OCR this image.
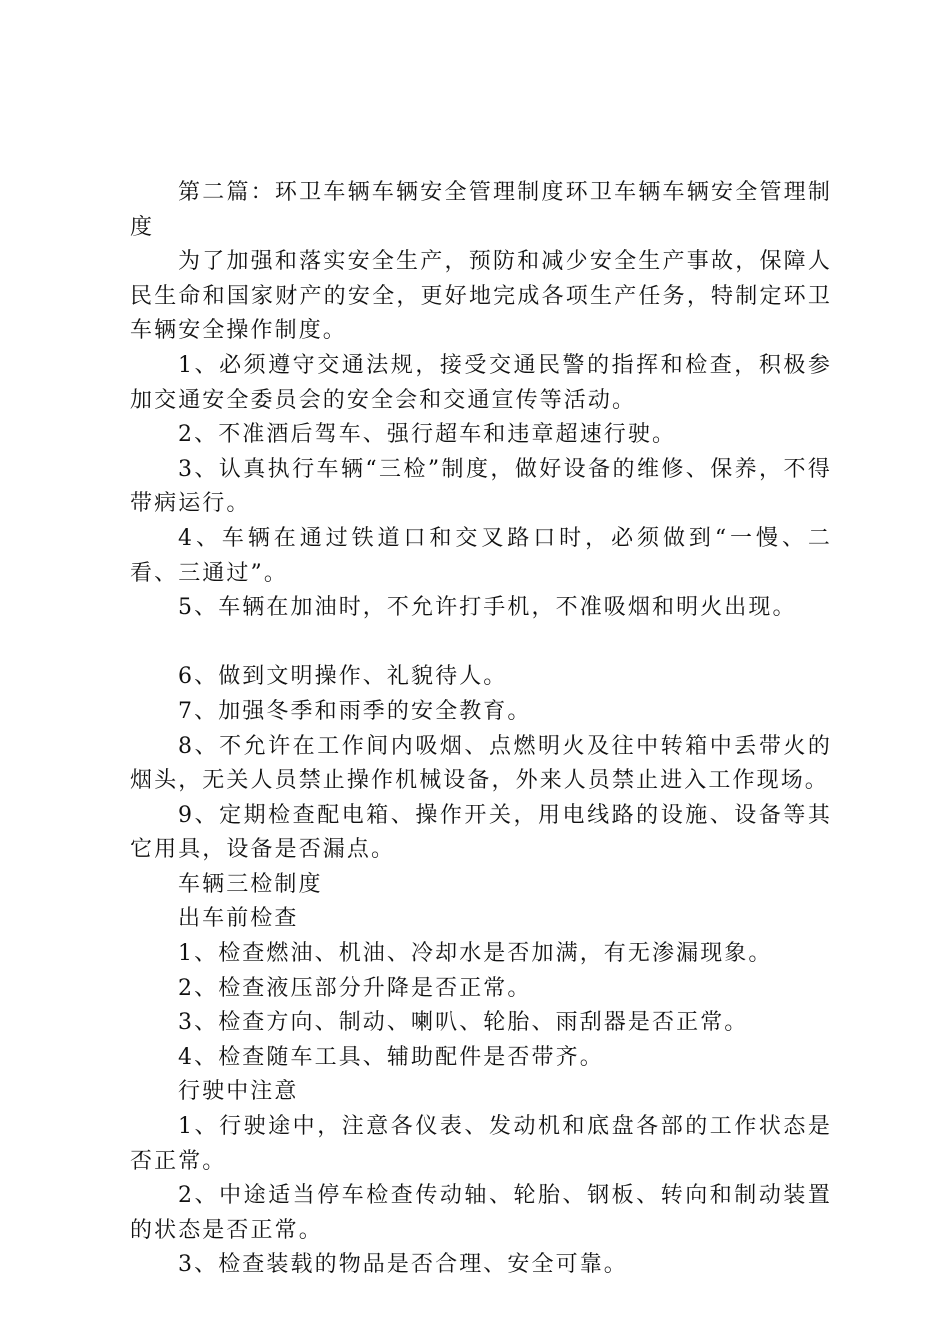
第二篇：环卫车辆车辆安全管理制度环卫车辆车辆安全管理制度

为了加强和落实安全生产，预防和减少安全生产事故，保障人民生命和国家财产的安全，更好地完成各项生产任务，特制定环卫车辆安全操作制度。

1、必须遵守交通法规，接受交通民警的指挥和检查，积极参加交通安全委员会的安全会和交通宣传等活动。

2、不准酒后驾车、强行超车和违章超速行驶。

3、认真执行车辆“三检”制度，做好设备的维修、保养，不得带病运行。

4、车辆在通过铁道口和交叉路口时，必须做到“一慢、二看、三通过”。

5、车辆在加油时，不允许打手机，不准吸烟和明火出现。

6、做到文明操作、礼貌待人。

7、加强冬季和雨季的安全教育。

8、不允许在工作间内吸烟、点燃明火及往中转箱中丢带火的烟头，无关人员禁止操作机械设备，外来人员禁止进入工作现场。

9、定期检查配电箱、操作开关，用电线路的设施、设备等其它用具，设备是否漏点。

车辆三检制度

出车前检查

1、检查燃油、机油、冷却水是否加满，有无渗漏现象。

2、检查液压部分升降是否正常。

3、检查方向、制动、喇叭、轮胎、雨刮器是否正常。

4、检查随车工具、辅助配件是否带齐。

行驶中注意

1、行驶途中，注意各仪表、发动机和底盘各部的工作状态是否正常。

2、中途适当停车检查传动轴、轮胎、钢板、转向和制动装置的状态是否正常。

3、检查装载的物品是否合理、安全可靠。
